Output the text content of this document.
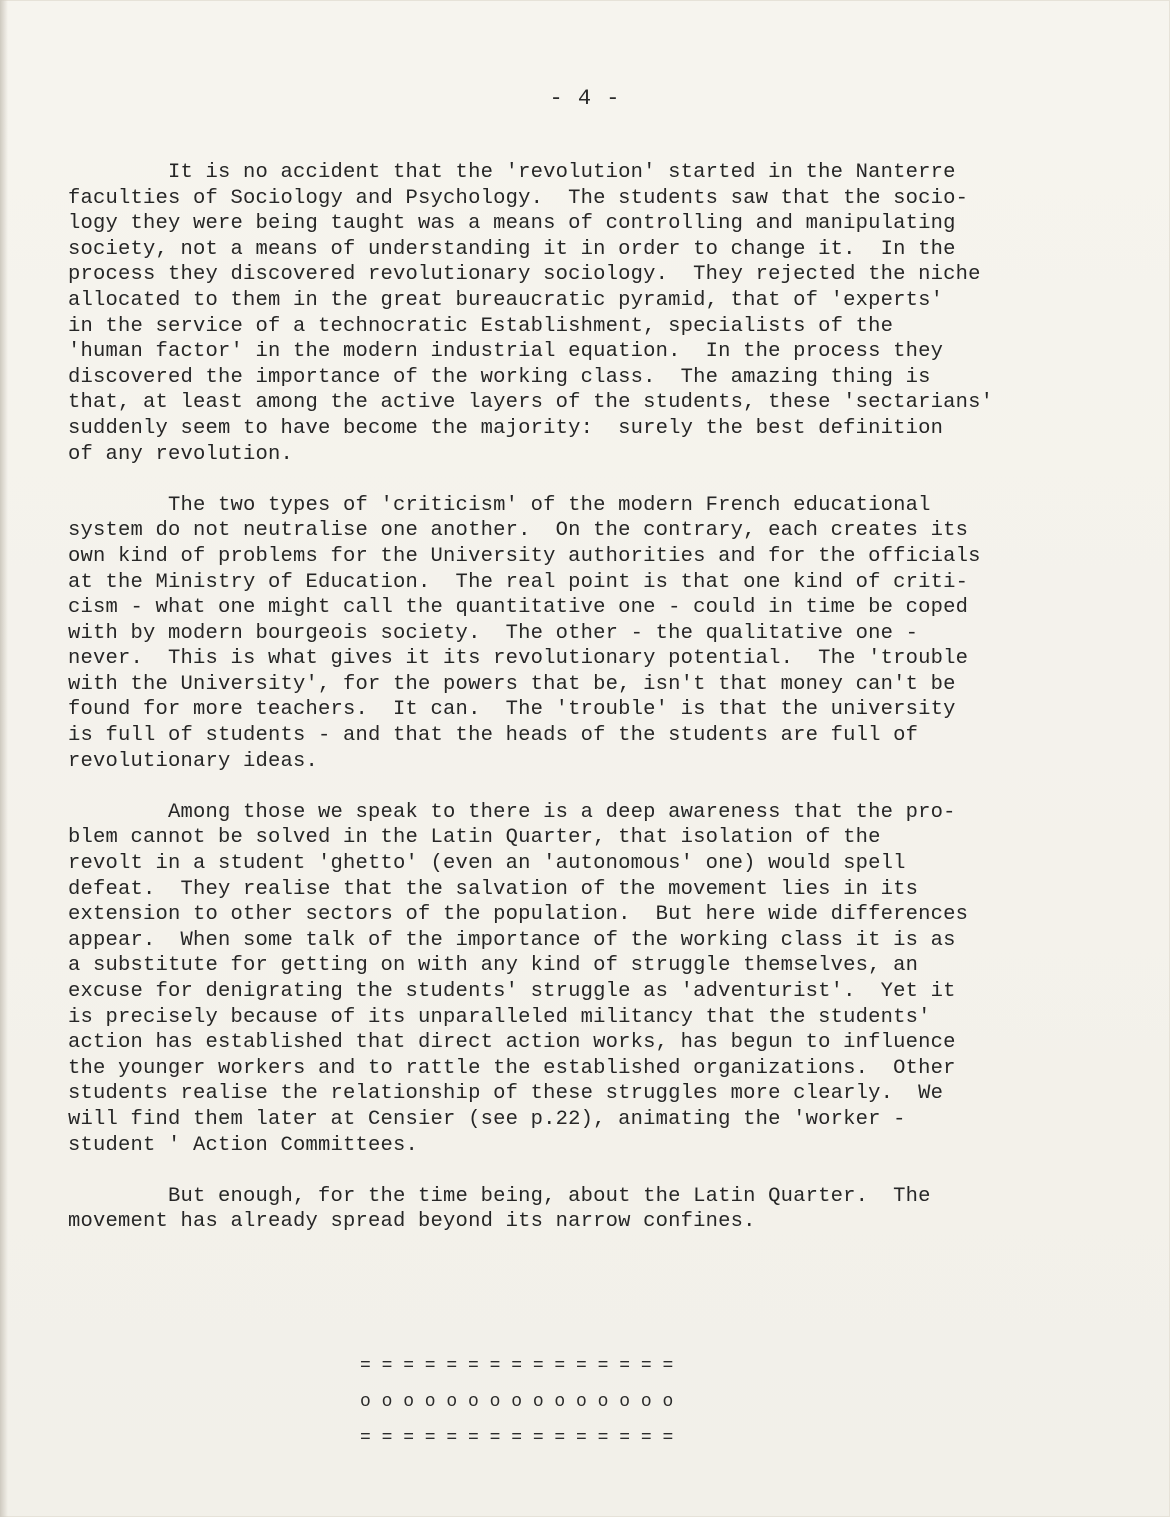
- 4 -
It is no accident that the 'revolution' started in the Nanterre
faculties of Sociology and Psychology.  The students saw that the socio-
logy they were being taught was a means of controlling and manipulating
society, not a means of understanding it in order to change it.  In the
process they discovered revolutionary sociology.  They rejected the niche
allocated to them in the great bureaucratic pyramid, that of 'experts'
in the service of a technocratic Establishment, specialists of the
'human factor' in the modern industrial equation.  In the process they
discovered the importance of the working class.  The amazing thing is
that, at least among the active layers of the students, these 'sectarians'
suddenly seem to have become the majority:  surely the best definition
of any revolution.
The two types of 'criticism' of the modern French educational
system do not neutralise one another.  On the contrary, each creates its
own kind of problems for the University authorities and for the officials
at the Ministry of Education.  The real point is that one kind of criti-
cism - what one might call the quantitative one - could in time be coped
with by modern bourgeois society.  The other - the qualitative one -
never.  This is what gives it its revolutionary potential.  The 'trouble
with the University', for the powers that be, isn't that money can't be
found for more teachers.  It can.  The 'trouble' is that the university
is full of students - and that the heads of the students are full of
revolutionary ideas.
Among those we speak to there is a deep awareness that the pro-
blem cannot be solved in the Latin Quarter, that isolation of the
revolt in a student 'ghetto' (even an 'autonomous' one) would spell
defeat.  They realise that the salvation of the movement lies in its
extension to other sectors of the population.  But here wide differences
appear.  When some talk of the importance of the working class it is as
a substitute for getting on with any kind of struggle themselves, an
excuse for denigrating the students' struggle as 'adventurist'.  Yet it
is precisely because of its unparalleled militancy that the students'
action has established that direct action works, has begun to influence
the younger workers and to rattle the established organizations.  Other
students realise the relationship of these struggles more clearly.  We
will find them later at Censier (see p.22), animating the 'worker -
student ' Action Committees.
But enough, for the time being, about the Latin Quarter.  The
movement has already spread beyond its narrow confines.

= = = = = = = = = = = = = = =

o o o o o o o o o o o o o o o

= = = = = = = = = = = = = = =
